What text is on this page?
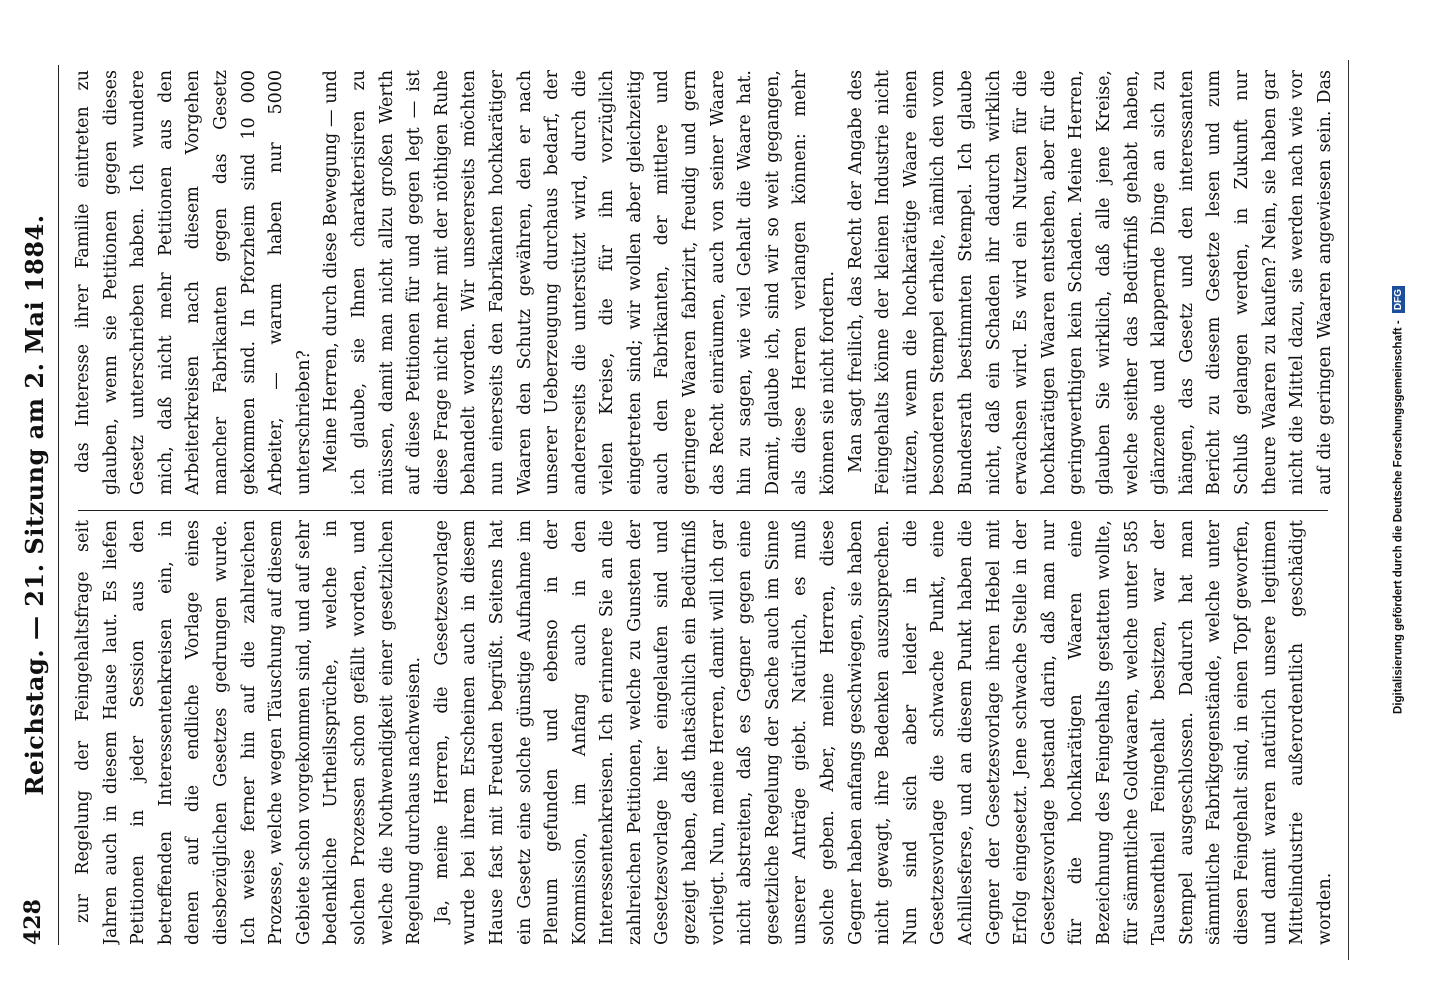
428
Reichstag. — 21. Sitzung am 2. Mai 1884. zur Regelung der Feingehaltsfrage seit Jahren auch in diesem Hause laut. Es liefen Petitionen in jeder Session aus den betreffenden Interessentenkreisen ein, in denen auf die endliche Vorlage eines diesbezüglichen Gesetzes gedrungen wurde. Ich weise ferner hin auf die zahlreichen Prozesse, welche wegen Täuschung auf diesem Gebiete schon vorgekommen sind, und auf sehr bedenkliche Urtheilssprüche, welche in solchen Prozessen schon gefällt worden, und welche die Nothwendigkeit einer gesetzlichen Regelung durchaus nachweisen. Ja, meine Herren, die Gesetzesvorlage wurde bei ihrem Erscheinen auch in diesem Hause fast mit Freuden begrüßt. Seitens hat ein Gesetz eine solche günstige Aufnahme im Plenum gefunden und ebenso in der Kommission, im Anfang auch in den Interessentenkreisen. Ich erinnere Sie an die zahlreichen Petitionen, welche zu Gunsten der Gesetzesvorlage hier eingelaufen sind und gezeigt haben, daß thatsächlich ein Bedürfniß vorliegt. Nun, meine Herren, damit will ich gar nicht abstreiten, daß es Gegner gegen eine gesetzliche Regelung der Sache auch im Sinne unserer Anträge giebt. Natürlich, es muß solche geben. Aber, meine Herren, diese Gegner haben anfangs geschwiegen, sie haben nicht gewagt, ihre Bedenken auszusprechen. Nun sind sich aber leider in die Gesetzesvorlage die schwache Punkt, eine Achillesferse, und an diesem Punkt haben die Gegner der Gesetzesvorlage ihren Hebel mit Erfolg eingesetzt. Jene schwache Stelle in der Gesetzesvorlage bestand darin, daß man nur für die hochkarätigen Waaren eine Bezeichnung des Feingehalts gestatten wollte, für sämmtliche Goldwaaren, welche unter 585 Tausendtheil Feingehalt besitzen, war der Stempel ausgeschlossen. Dadurch hat man sämmtliche Fabrikgegenstände, welche unter diesen Feingehalt sind, in einen Topf geworfen, und damit waren natürlich unsere legitimen Mittelindustrie außerordentlich geschädigt worden.

das Interesse ihrer Familie eintreten zu glauben, wenn sie Petitionen gegen dieses Gesetz unterschrieben haben. Ich wundere mich, daß nicht mehr Petitionen aus den Arbeiterkreisen nach diesem Vorgehen mancher Fabrikanten gegen das Gesetz gekommen sind. In Pforzheim sind 10 000 Arbeiter, — warum haben nur 5000 unterschrieben? Meine Herren, durch diese Bewegung — und ich glaube, sie Ihnen charakterisiren zu müssen, damit man nicht allzu großen Werth auf diese Petitionen für und gegen legt — ist diese Frage nicht mehr mit der nöthigen Ruhe behandelt worden. Wir unsererseits möchten nun einerseits den Fabrikanten hochkarätiger Waaren den Schutz gewähren, den er nach unserer Ueberzeugung durchaus bedarf, der andererseits die unterstützt wird, durch die vielen Kreise, die für ihn vorzüglich eingetreten sind; wir wollen aber gleichzeitig auch den Fabrikanten, der mittlere und geringere Waaren fabrizirt, freudig und gern das Recht einräumen, auch von seiner Waare hin zu sagen, wie viel Gehalt die Waare hat. Damit, glaube ich, sind wir so weit gegangen, als diese Herren verlangen können: mehr können sie nicht fordern. Man sagt freilich, das Recht der Angabe des Feingehalts könne der kleinen Industrie nicht nützen, wenn die hochkarätige Waare einen besonderen Stempel erhalte, nämlich den vom Bundesrath bestimmten Stempel. Ich glaube nicht, daß ein Schaden ihr dadurch wirklich erwachsen wird. Es wird ein Nutzen für die hochkarätigen Waaren entstehen, aber für die geringwerthigen kein Schaden. Meine Herren, glauben Sie wirklich, daß alle jene Kreise, welche seither das Bedürfniß gehabt haben, glänzende und klappernde Dinge an sich zu hängen, das Gesetz und den interessanten Bericht zu diesem Gesetze lesen und zum Schluß gelangen werden, in Zukunft nur theure Waaren zu kaufen? Nein, sie haben gar nicht die Mittel dazu, sie werden nach wie vor auf die geringen Waaren angewiesen sein. Das

Digitalisierung gefördert durch die Deutsche Forschungsgemeinschaft - DFG
